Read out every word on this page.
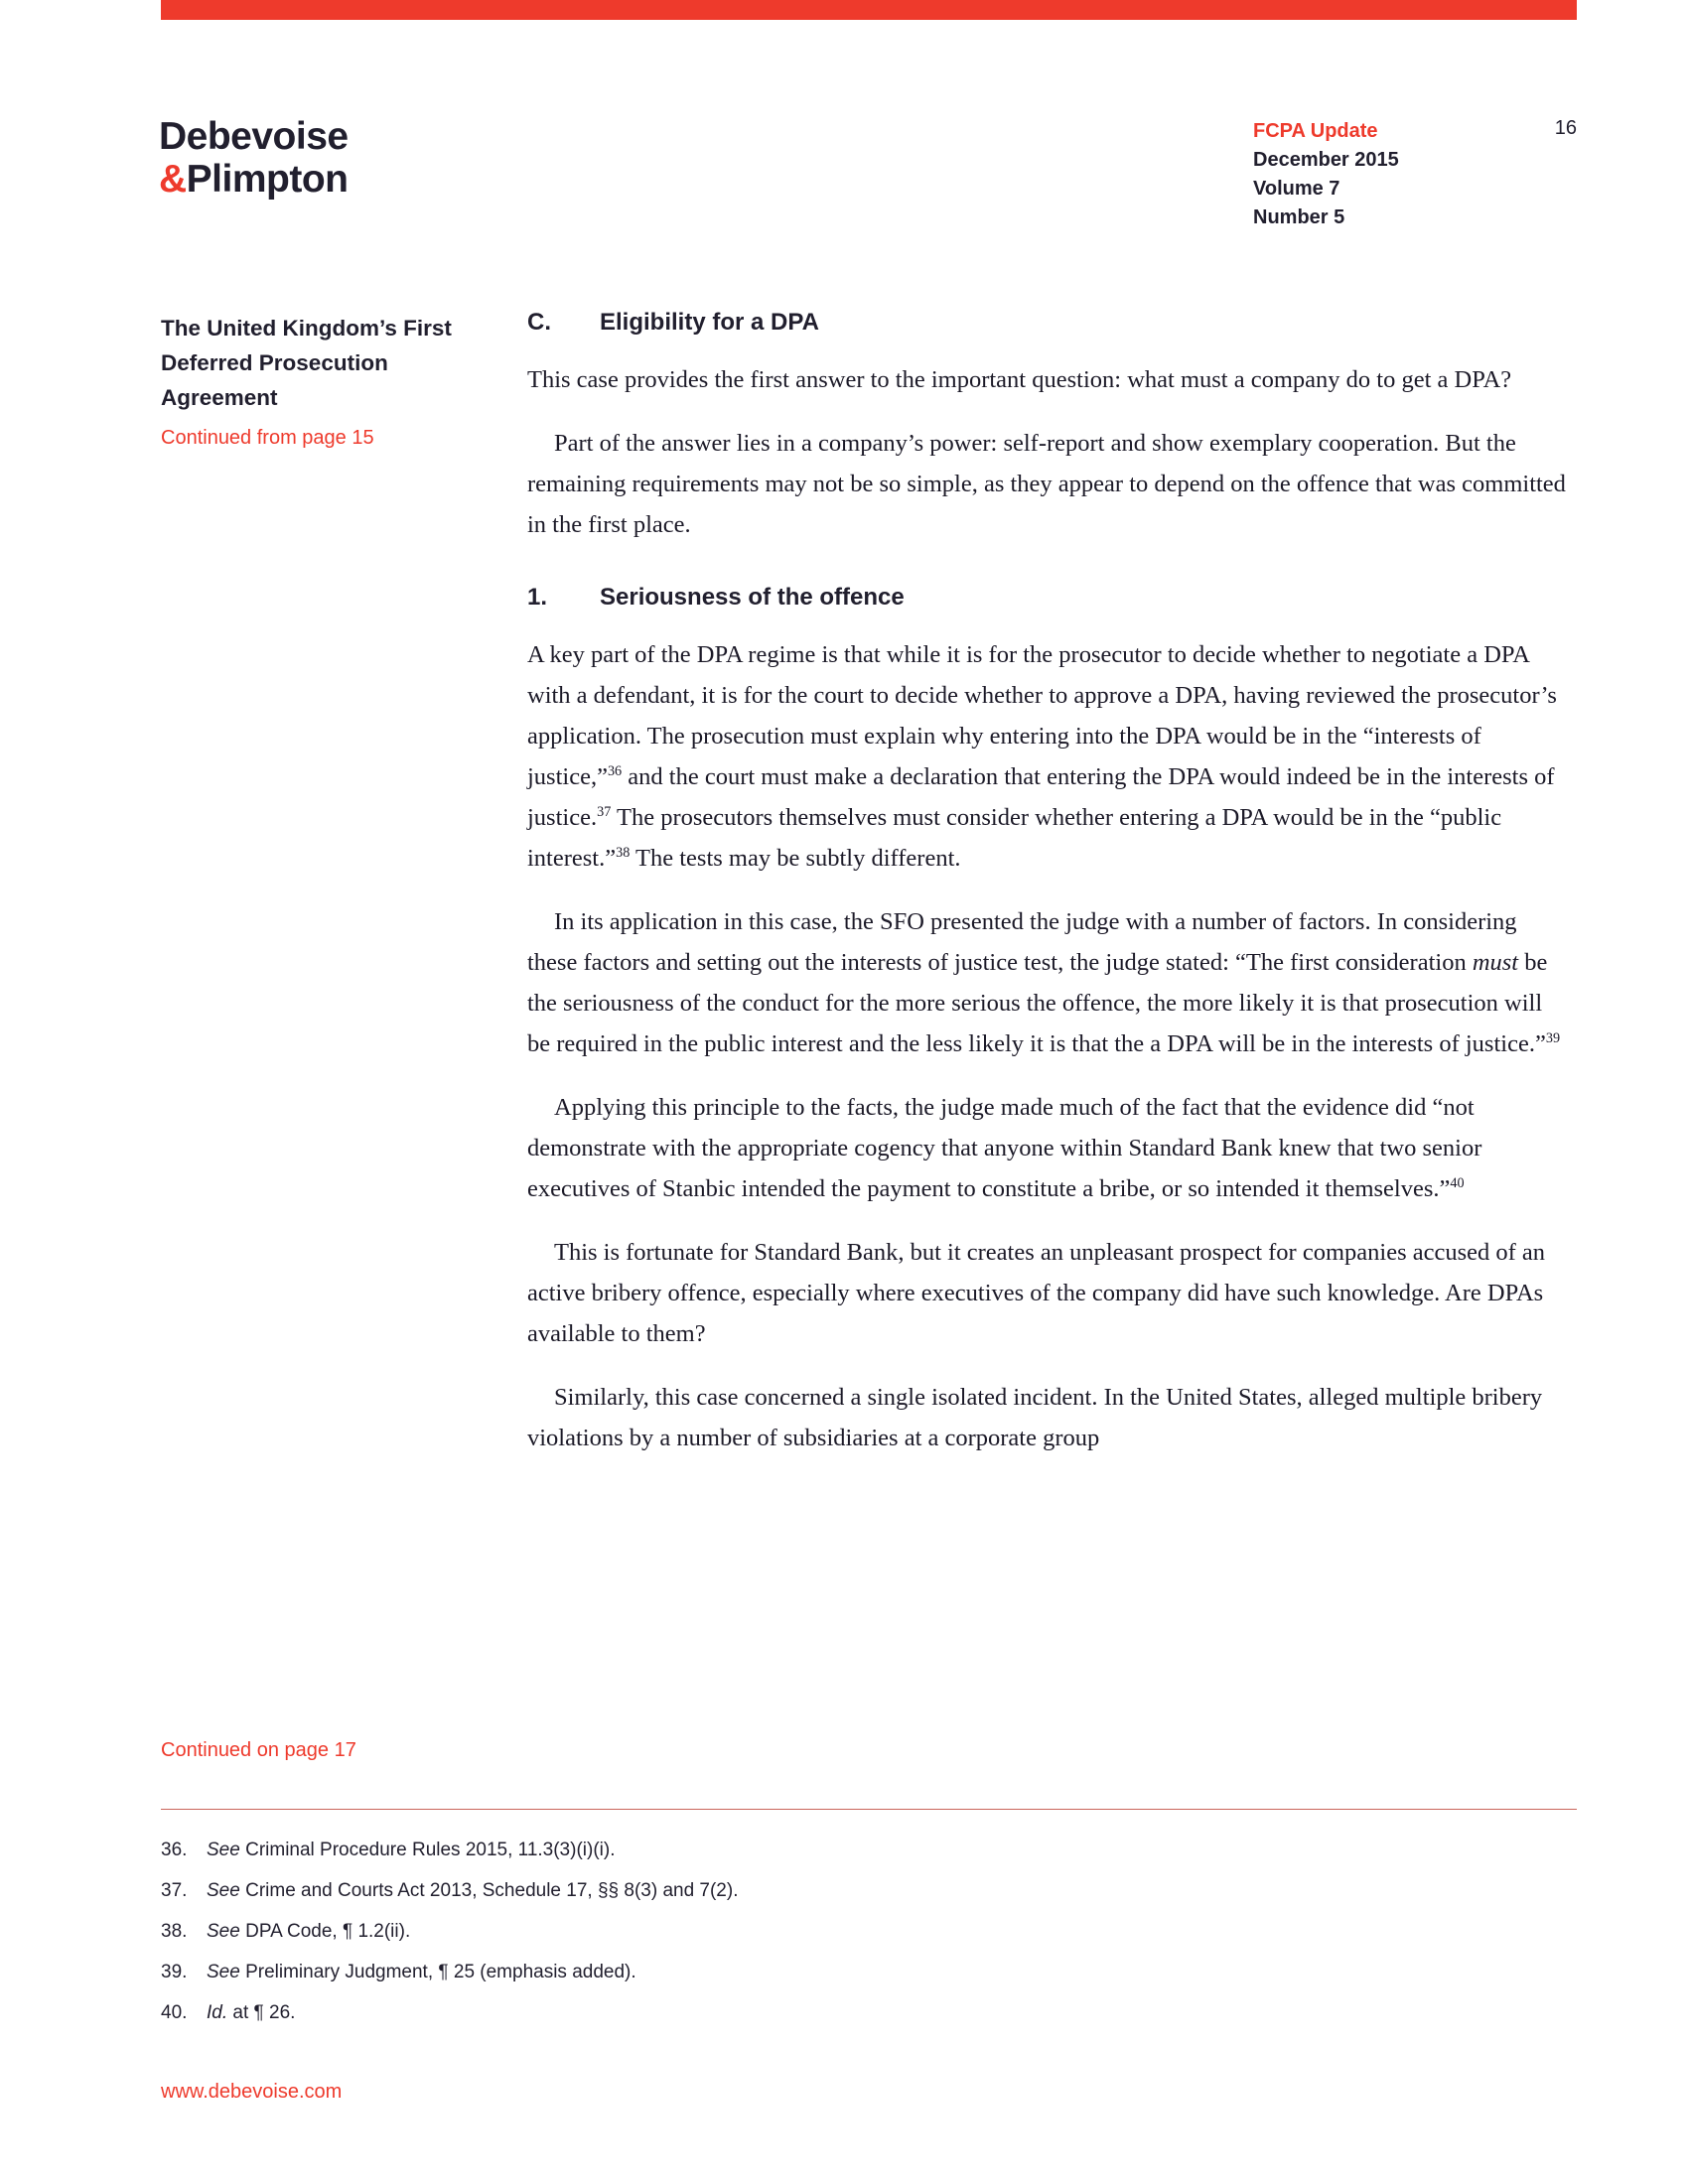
Debevoise
&Plimpton
FCPA Update
December 2015
Volume 7
Number 5
16
The United Kingdom’s First Deferred Prosecution Agreement
Continued from page 15
C. Eligibility for a DPA

This case provides the first answer to the important question: what must a company do to get a DPA?

Part of the answer lies in a company’s power: self-report and show exemplary cooperation. But the remaining requirements may not be so simple, as they appear to depend on the offence that was committed in the first place.

1. Seriousness of the offence

A key part of the DPA regime is that while it is for the prosecutor to decide whether to negotiate a DPA with a defendant, it is for the court to decide whether to approve a DPA, having reviewed the prosecutor’s application. The prosecution must explain why entering into the DPA would be in the “interests of justice,”$^{36}$ and the court must make a declaration that entering the DPA would indeed be in the interests of justice.$^{37}$ The prosecutors themselves must consider whether entering a DPA would be in the “public interest.”$^{38}$ The tests may be subtly different.

In its application in this case, the SFO presented the judge with a number of factors. In considering these factors and setting out the interests of justice test, the judge stated: “The first consideration must be the seriousness of the conduct for the more serious the offence, the more likely it is that prosecution will be required in the public interest and the less likely it is that the a DPA will be in the interests of justice.”$^{39}$

Applying this principle to the facts, the judge made much of the fact that the evidence did “not demonstrate with the appropriate cogency that anyone within Standard Bank knew that two senior executives of Stanbic intended the payment to constitute a bribe, or so intended it themselves.”$^{40}$

This is fortunate for Standard Bank, but it creates an unpleasant prospect for companies accused of an active bribery offence, especially where executives of the company did have such knowledge. Are DPAs available to them?

Similarly, this case concerned a single isolated incident. In the United States, alleged multiple bribery violations by a number of subsidiaries at a corporate group

Continued on page 17
36.	See Criminal Procedure Rules 2015, 11.3(3)(i)(i).
37.	See Crime and Courts Act 2013, Schedule 17, §§ 8(3) and 7(2).
38.	See DPA Code, ¶ 1.2(ii).
39.	See Preliminary Judgment, ¶ 25 (emphasis added).
40.	Id. at ¶ 26.
www.debevoise.com
